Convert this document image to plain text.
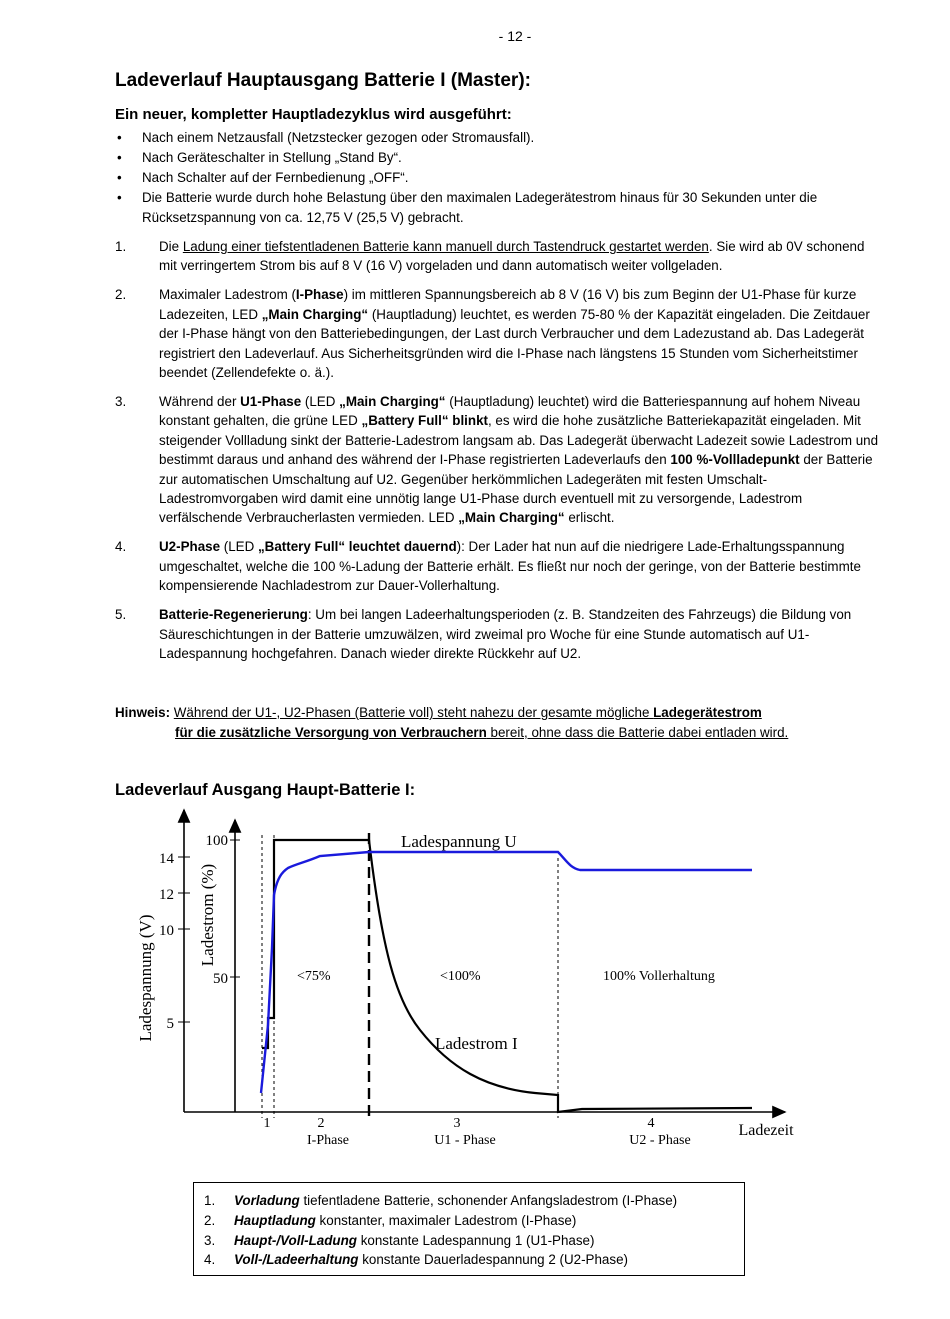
- 12 -
Ladeverlauf Hauptausgang Batterie I (Master):
Ein neuer, kompletter Hauptladezyklus wird ausgeführt:
• Nach einem Netzausfall (Netzstecker gezogen oder Stromausfall).
• Nach Geräteschalter in Stellung „Stand By“.
• Nach Schalter auf der Fernbedienung „OFF“.
• Die Batterie wurde durch hohe Belastung über den maximalen Ladegerätestrom hinaus für 30 Sekunden unter die Rücksetzspannung von ca. 12,75 V (25,5 V) gebracht.
1. Die Ladung einer tiefstentladenen Batterie kann manuell durch Tastendruck gestartet werden. Sie wird ab 0V schonend mit verringertem Strom bis auf 8 V (16 V) vorgeladen und dann automatisch weiter vollgeladen.
2. Maximaler Ladestrom (I-Phase) im mittleren Spannungsbereich ab 8 V (16 V) bis zum Beginn der U1-Phase für kurze Ladezeiten, LED „Main Charging“ (Hauptladung) leuchtet, es werden 75-80 % der Kapazität eingeladen. Die Zeitdauer der I-Phase hängt von den Batteriebedingungen, der Last durch Verbraucher und dem Ladezustand ab. Das Ladegerät registriert den Ladeverlauf. Aus Sicherheitsgründen wird die I-Phase nach längstens 15 Stunden vom Sicherheitstimer beendet (Zellendefekte o. ä.).
3. Während der U1-Phase (LED „Main Charging“ (Hauptladung) leuchtet) wird die Batteriespannung auf hohem Niveau konstant gehalten, die grüne LED „Battery Full“ blinkt, es wird die hohe zusätzliche Batteriekapazität eingeladen. Mit steigender Vollladung sinkt der Batterie-Ladestrom langsam ab. Das Ladegerät überwacht Ladezeit sowie Ladestrom und bestimmt daraus und anhand des während der I-Phase registrierten Ladeverlaufs den 100 %-Vollladepunkt der Batterie zur automatischen Umschaltung auf U2. Gegenüber herkömmlichen Ladegeräten mit festen Umschalt-Ladestromvorgaben wird damit eine unnötig lange U1-Phase durch eventuell mit zu versorgende, Ladestrom verfälschende Verbraucherlasten vermieden. LED „Main Charging“ erlischt.
4. U2-Phase (LED „Battery Full“ leuchtet dauernd): Der Lader hat nun auf die niedrigere Lade-Erhaltungsspannung umgeschaltet, welche die 100 %-Ladung der Batterie erhält. Es fließt nur noch der geringe, von der Batterie bestimmte kompensierende Nachladestrom zur Dauer-Vollerhaltung.
5. Batterie-Regenerierung: Um bei langen Ladeerhaltungsperioden (z. B. Standzeiten des Fahrzeugs) die Bildung von Säureschichtungen in der Batterie umzuwälzen, wird zweimal pro Woche für eine Stunde automatisch auf U1-Ladespannung hochgefahren. Danach wieder direkte Rückkehr auf U2.
Hinweis: Während der U1-, U2-Phasen (Batterie voll) steht nahezu der gesamte mögliche Ladegerätestrom
für die zusätzliche Versorgung von Verbrauchern bereit, ohne dass die Batterie dabei entladen wird.
Ladeverlauf Ausgang Haupt-Batterie I:
14
12
10
5
100
50
Ladespannung (V)	Ladestrom (%)
Ladezeit
Ladespannung U
Ladestrom I
<75%	<100%	100% Vollerhaltung
1	2	3	4
I-Phase	U1 - Phase	U2 - Phase
1. Vorladung tiefentladene Batterie, schonender Anfangsladestrom (I-Phase)
2. Hauptladung konstanter, maximaler Ladestrom (I-Phase)
3. Haupt-/Voll-Ladung konstante Ladespannung 1 (U1-Phase)
4. Voll-/Ladeerhaltung konstante Dauerladespannung 2 (U2-Phase)
